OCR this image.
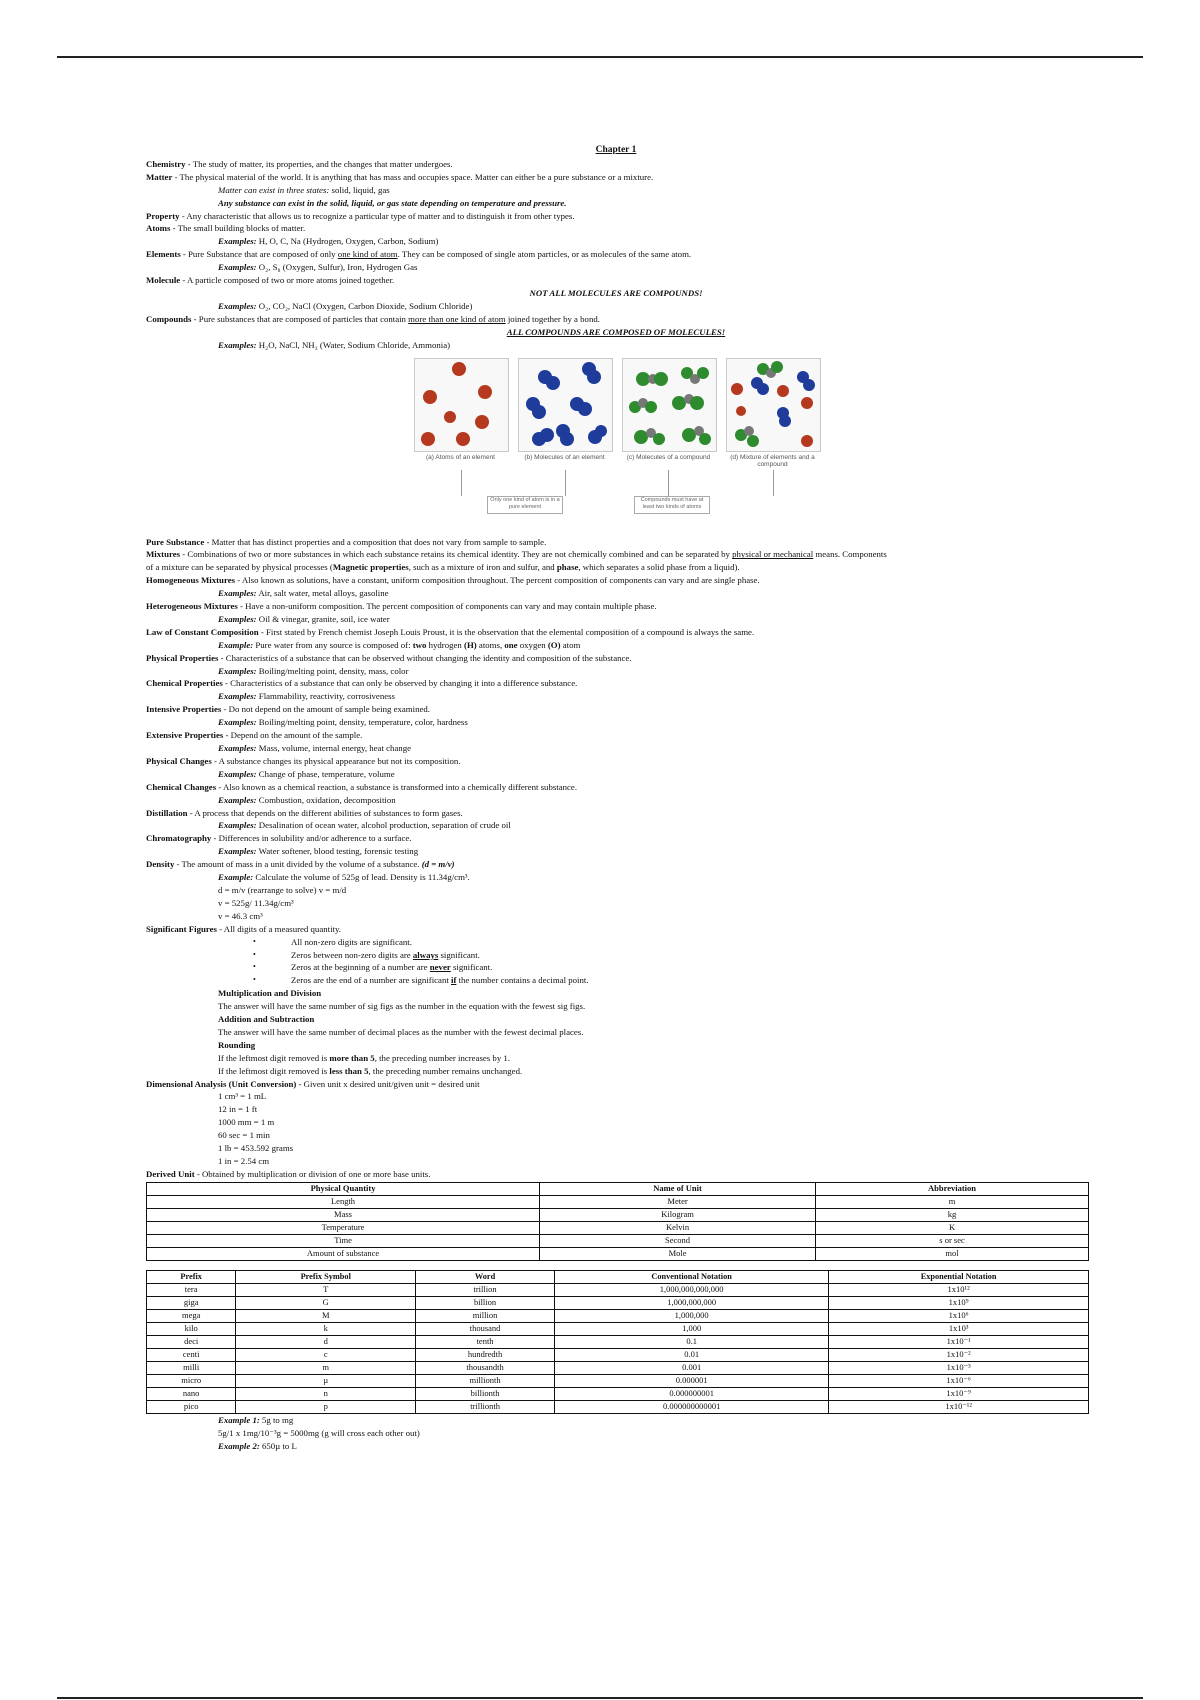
Chapter 1

Chemistry - The study of matter, its properties, and the changes that matter undergoes.

Matter - The physical material of the world. It is anything that has mass and occupies space. Matter can either be a pure substance or a mixture.

Matter can exist in three states: solid, liquid, gas

Any substance can exist in the solid, liquid, or gas state depending on temperature and pressure.

Property - Any characteristic that allows us to recognize a particular type of matter and to distinguish it from other types.

Atoms - The small building blocks of matter.

Examples: H, O, C, Na (Hydrogen, Oxygen, Carbon, Sodium)

Elements - Pure Substance that are composed of only one kind of atom. They can be composed of single atom particles, or as molecules of the same atom.

Examples: O₂, S₈ (Oxygen, Sulfur), Iron, Hydrogen Gas

Molecule - A particle composed of two or more atoms joined together.

NOT ALL MOLECULES ARE COMPOUNDS!

Examples: O₂, CO₂, NaCl (Oxygen, Carbon Dioxide, Sodium Chloride)

Compounds - Pure substances that are composed of particles that contain more than one kind of atom joined together by a bond.

ALL COMPOUNDS ARE COMPOSED OF MOLECULES!

Examples: H₂O, NaCl, NH₃ (Water, Sodium Chloride, Ammonia)

(a) Atoms of an element	(b) Molecules of an element	(c) Molecules of a compound	(d) Mixture of elements and a compound
Only one kind of atom is in a pure element
Compounds must have at least two kinds of atoms

Pure Substance - Matter that has distinct properties and a composition that does not vary from sample to sample.

Mixtures - Combinations of two or more substances in which each substance retains its chemical identity. They are not chemically combined and can be separated by physical or mechanical means. Components

of a mixture can be separated by physical processes (Magnetic properties, such as a mixture of iron and sulfur, and phase, which separates a solid phase from a liquid).

Homogeneous Mixtures - Also known as solutions, have a constant, uniform composition throughout. The percent composition of components can vary and are single phase.

Examples: Air, salt water, metal alloys, gasoline

Heterogeneous Mixtures - Have a non-uniform composition. The percent composition of components can vary and may contain multiple phase.

Examples: Oil & vinegar, granite, soil, ice water

Law of Constant Composition - First stated by French chemist Joseph Louis Proust, it is the observation that the elemental composition of a compound is always the same.

Example: Pure water from any source is composed of: two hydrogen (H) atoms, one oxygen (O) atom

Physical Properties - Characteristics of a substance that can be observed without changing the identity and composition of the substance.

Examples: Boiling/melting point, density, mass, color

Chemical Properties - Characteristics of a substance that can only be observed by changing it into a difference substance.

Examples: Flammability, reactivity, corrosiveness

Intensive Properties - Do not depend on the amount of sample being examined.

Examples: Boiling/melting point, density, temperature, color, hardness

Extensive Properties - Depend on the amount of the sample.

Examples: Mass, volume, internal energy, heat change

Physical Changes - A substance changes its physical appearance but not its composition.

Examples: Change of phase, temperature, volume

Chemical Changes - Also known as a chemical reaction, a substance is transformed into a chemically different substance.

Examples: Combustion, oxidation, decomposition

Distillation - A process that depends on the different abilities of substances to form gases.

Examples: Desalination of ocean water, alcohol production, separation of crude oil

Chromatography - Differences in solubility and/or adherence to a surface.

Examples: Water softener, blood testing, forensic testing

Density - The amount of mass in a unit divided by the volume of a substance. (d = m/v)

Example: Calculate the volume of 525g of lead. Density is 11.34g/cm³.

d = m/v (rearrange to solve) v = m/d

v = 525g/ 11.34g/cm³

v = 46.3 cm³

Significant Figures - All digits of a measured quantity.

• All non-zero digits are significant.

• Zeros between non-zero digits are always significant.

• Zeros at the beginning of a number are never significant.

• Zeros are the end of a number are significant if the number contains a decimal point.

Multiplication and Division

The answer will have the same number of sig figs as the number in the equation with the fewest sig figs.

Addition and Subtraction

The answer will have the same number of decimal places as the number with the fewest decimal places.

Rounding

If the leftmost digit removed is more than 5, the preceding number increases by 1.

If the leftmost digit removed is less than 5, the preceding number remains unchanged.

Dimensional Analysis (Unit Conversion) - Given unit x desired unit/given unit = desired unit

1 cm³ = 1 mL

12 in = 1 ft

1000 mm = 1 m

60 sec = 1 min

1 lb = 453.592 grams

1 in = 2.54 cm

Derived Unit - Obtained by multiplication or division of one or more base units.

Physical Quantity	Name of Unit	Abbreviation
Length	Meter	m
Mass	Kilogram	kg
Temperature	Kelvin	K
Time	Second	s or sec
Amount of substance	Mole	mol
Prefix	Prefix Symbol	Word	Conventional Notation	Exponential Notation
tera	T	trillion	1,000,000,000,000	1x10¹²
giga	G	billion	1,000,000,000	1x10⁹
mega	M	million	1,000,000	1x10⁶
kilo	k	thousand	1,000	1x10³
deci	d	tenth	0.1	1x10⁻¹
centi	c	hundredth	0.01	1x10⁻²
milli	m	thousandth	0.001	1x10⁻³
micro	µ	millionth	0.000001	1x10⁻⁶
nano	n	billionth	0.000000001	1x10⁻⁹
pico	p	trillionth	0.000000000001	1x10⁻¹²

Example 1: 5g to mg

5g/1 x 1mg/10⁻³g = 5000mg (g will cross each other out)

Example 2: 650µ to L
